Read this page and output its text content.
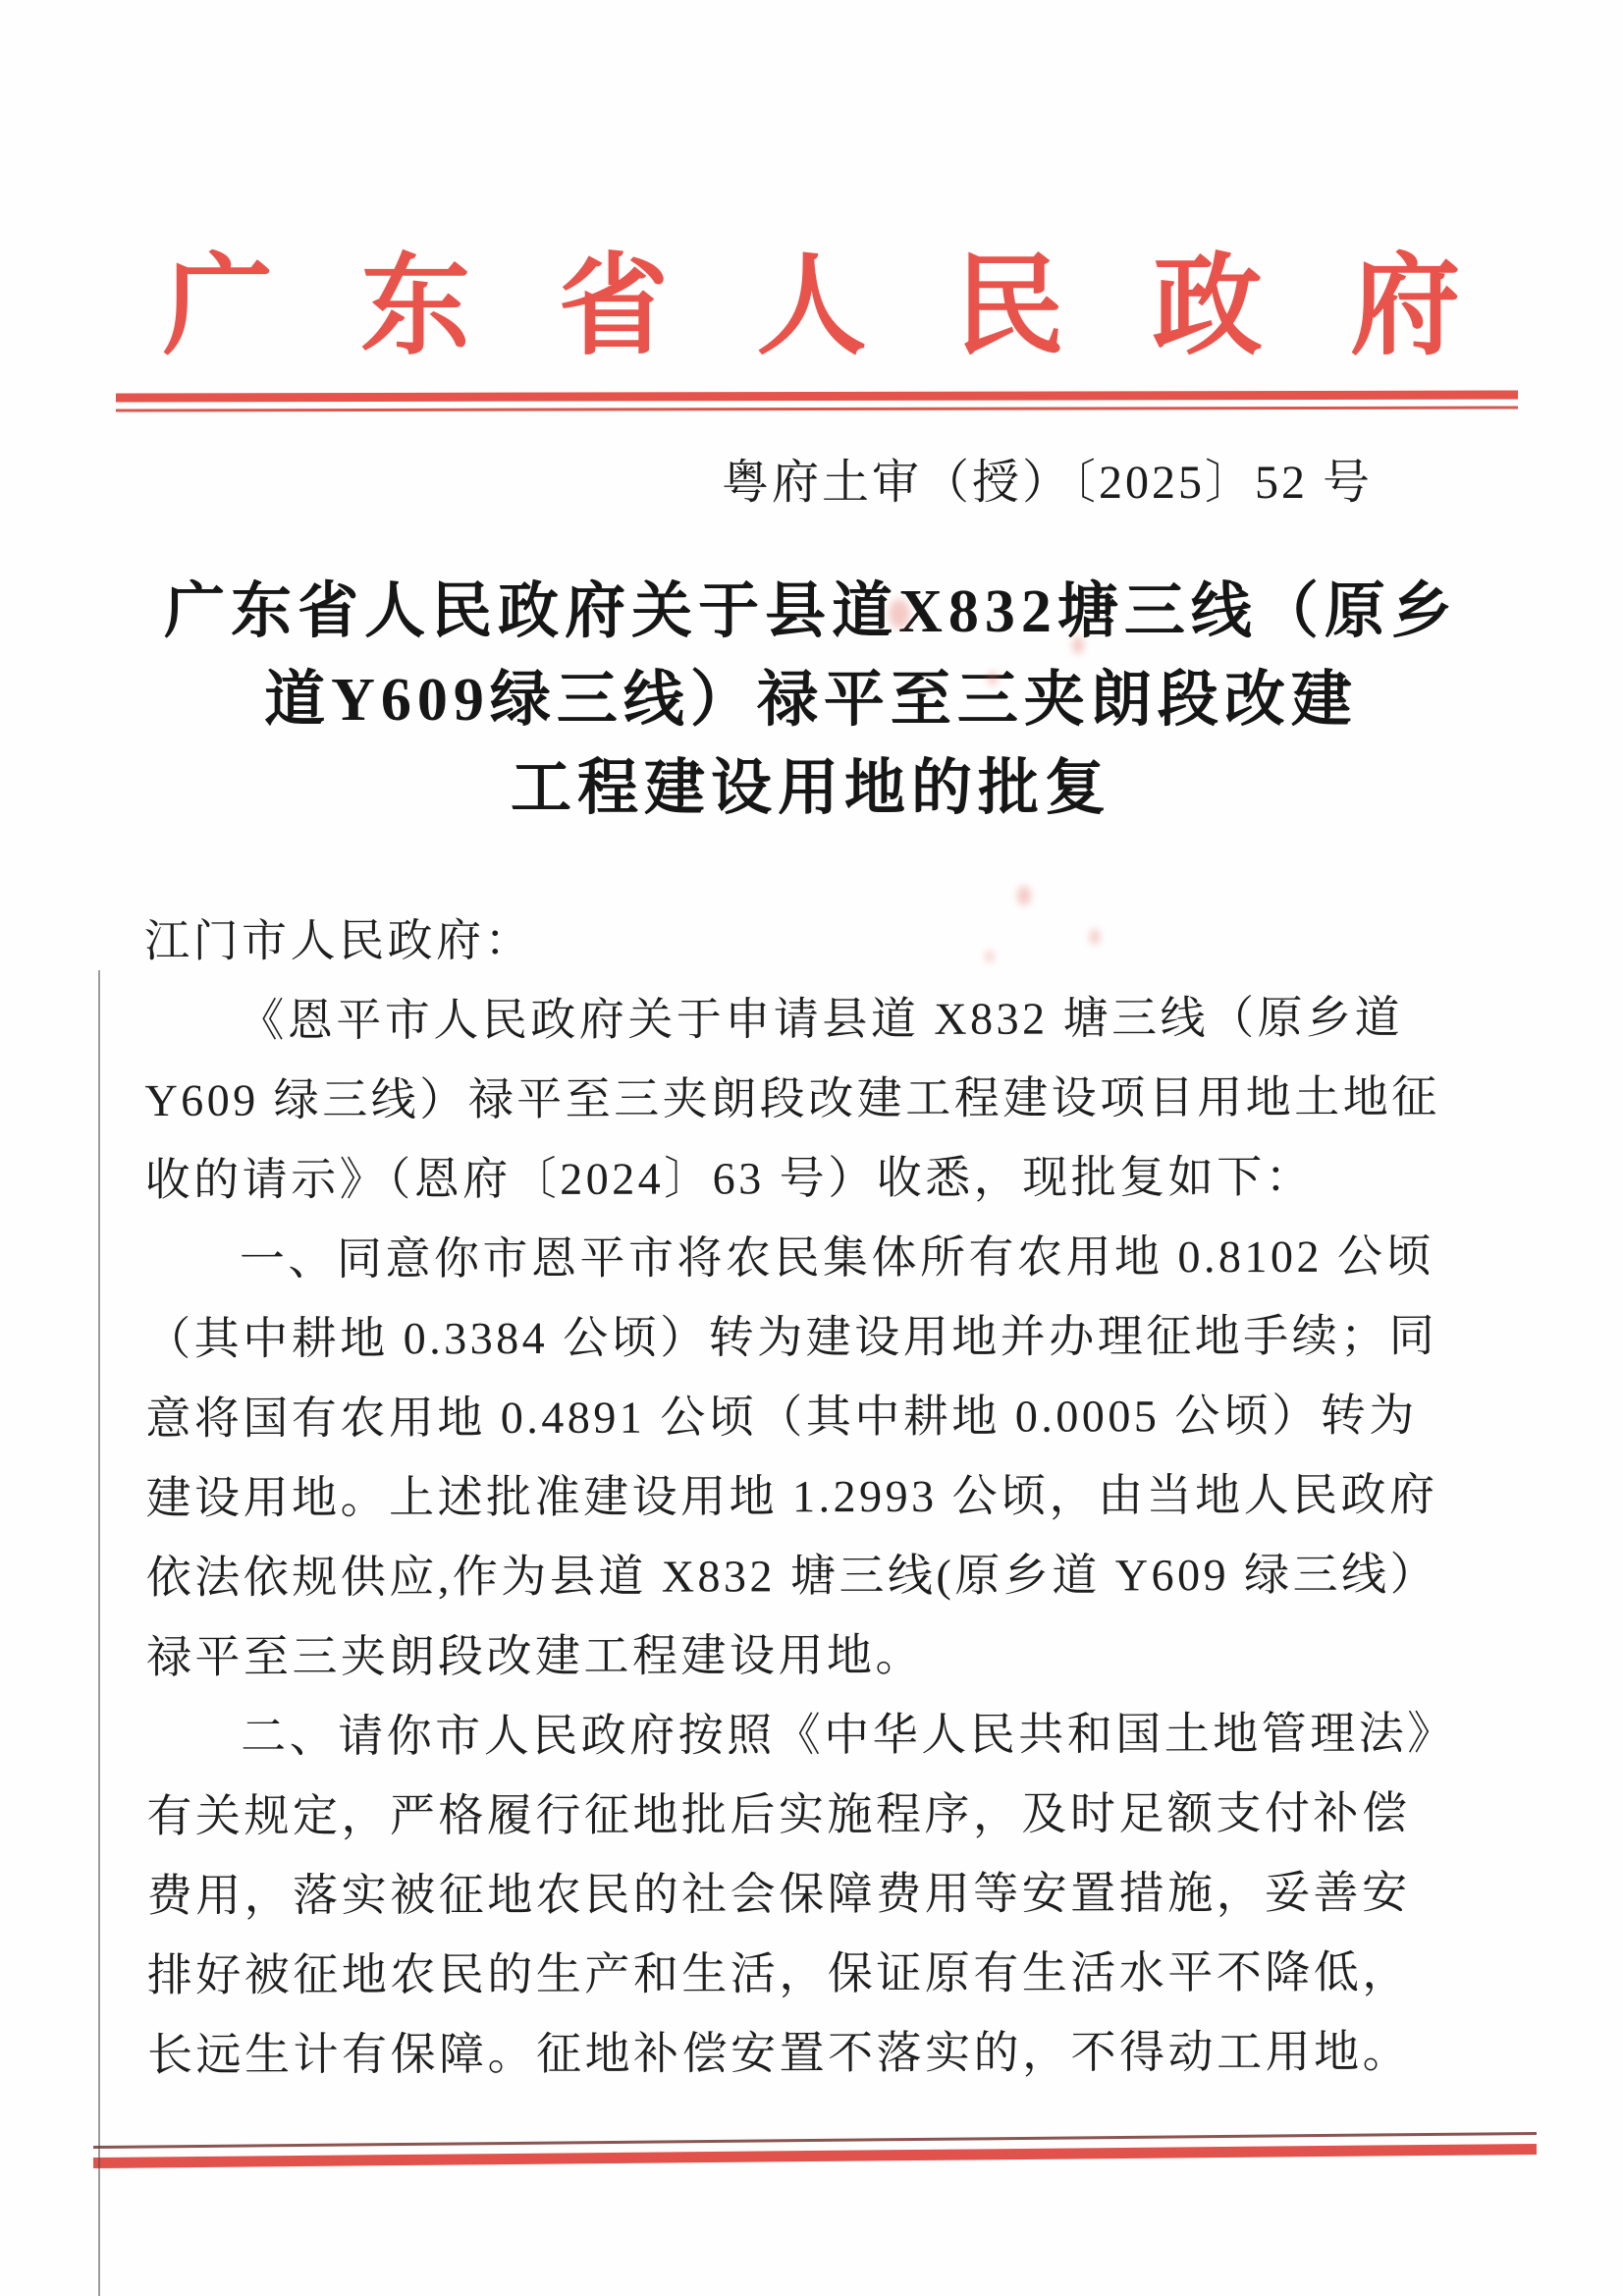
广东省人民政府
粤府土审（授）〔2025〕52 号
广东省人民政府关于县道X832塘三线（原乡
道Y609绿三线）禄平至三夹朗段改建
工程建设用地的批复
江门市人民政府：
《恩平市人民政府关于申请县道 X832 塘三线（原乡道
Y609 绿三线）禄平至三夹朗段改建工程建设项目用地土地征
收的请示》（恩府〔2024〕63 号）收悉，现批复如下：
一、同意你市恩平市将农民集体所有农用地 0.8102 公顷
（其中耕地 0.3384 公顷）转为建设用地并办理征地手续；同
意将国有农用地 0.4891 公顷（其中耕地 0.0005 公顷）转为
建设用地。上述批准建设用地 1.2993 公顷，由当地人民政府
依法依规供应,作为县道 X832 塘三线(原乡道 Y609 绿三线）
禄平至三夹朗段改建工程建设用地。
二、请你市人民政府按照《中华人民共和国土地管理法》
有关规定，严格履行征地批后实施程序，及时足额支付补偿
费用，落实被征地农民的社会保障费用等安置措施，妥善安
排好被征地农民的生产和生活，保证原有生活水平不降低，
长远生计有保障。征地补偿安置不落实的，不得动工用地。
